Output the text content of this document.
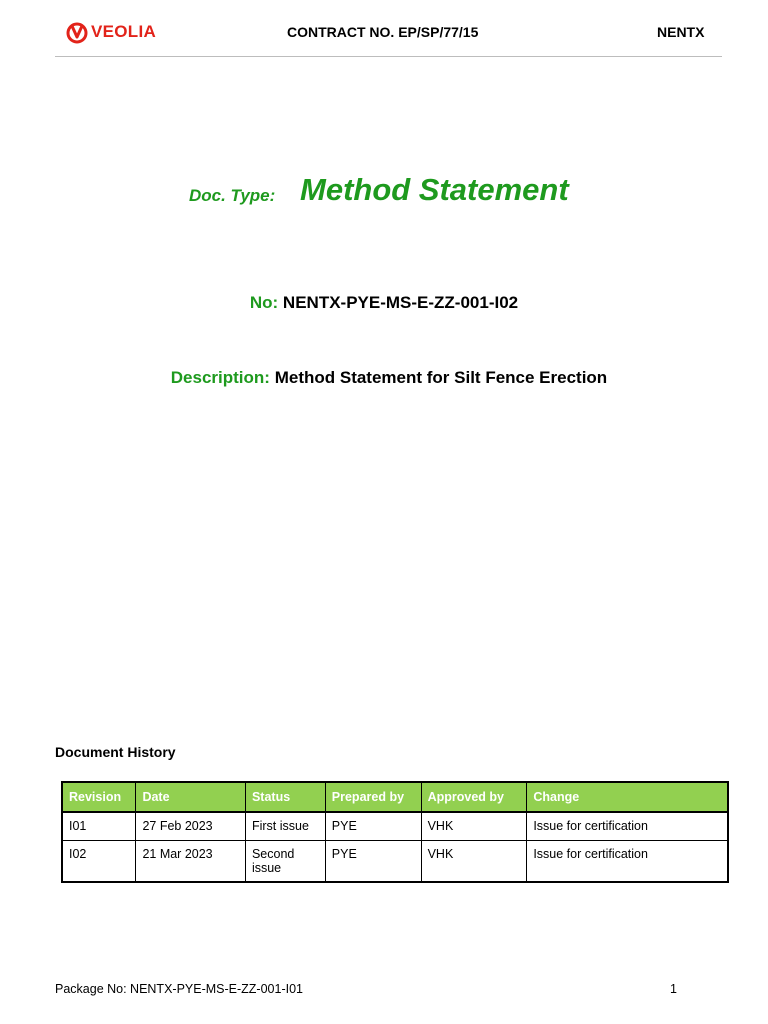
VEOLIA	CONTRACT NO. EP/SP/77/15	NENTX
Doc. Type: Method Statement
No: NENTX-PYE-MS-E-ZZ-001-I02
Description: Method Statement for Silt Fence Erection
Document History
Revision	Date	Status	Prepared by	Approved by	Change
I01	27 Feb 2023	First issue	PYE	VHK	Issue for certification
I02	21 Mar 2023	Second issue	PYE	VHK	Issue for certification
Package No: NENTX-PYE-MS-E-ZZ-001-I01	1
